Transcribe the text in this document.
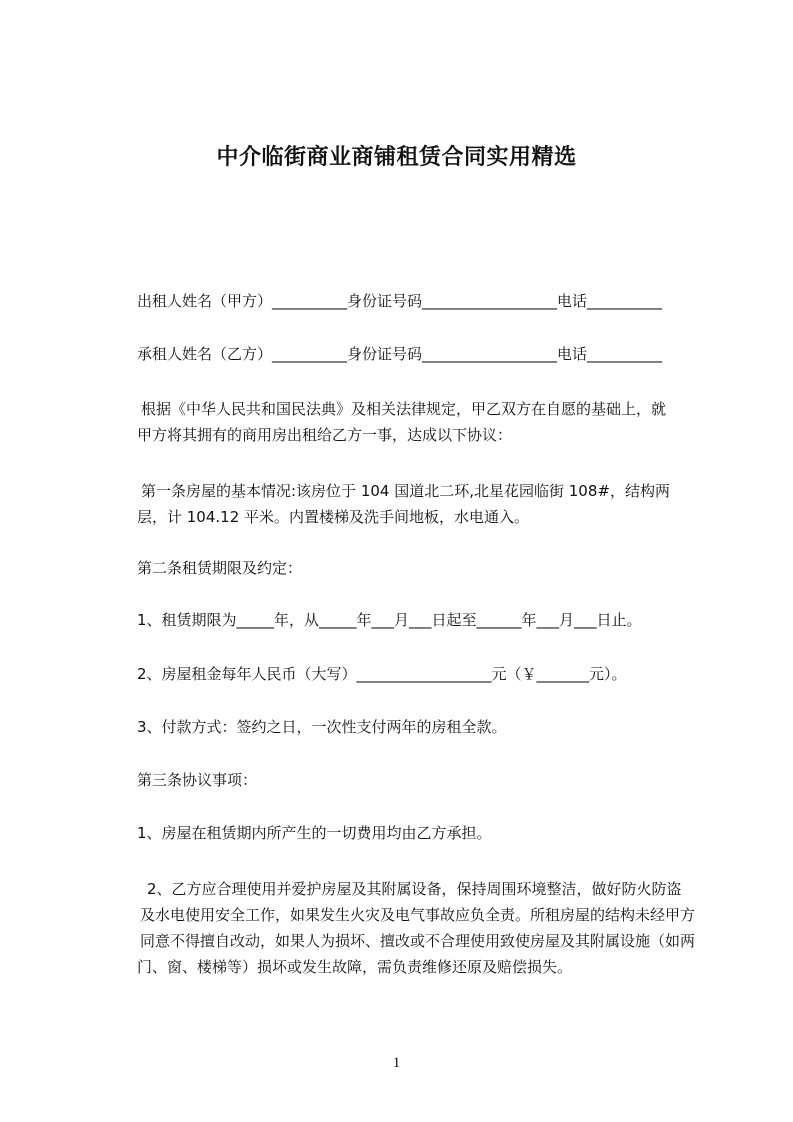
中介临街商业商铺租赁合同实用精选
出租人姓名（甲方）__________身份证号码__________________电话__________
承租人姓名（乙方）__________身份证号码__________________电话__________
根据《中华人民共和国民法典》及相关法律规定，甲乙双方在自愿的基础上，就
甲方将其拥有的商用房出租给乙方一事，达成以下协议：
第一条房屋的基本情况:该房位于 104 国道北二环,北星花园临街 108#，结构两
层，计 104.12 平米。内置楼梯及洗手间地板，水电通入。
第二条租赁期限及约定：
1、租赁期限为_____年，从_____年___月___日起至______年___月___日止。
2、房屋租金每年人民币（大写）__________________元（￥_______元）。
3、付款方式：签约之日，一次性支付两年的房租全款。
第三条协议事项：
1、房屋在租赁期内所产生的一切费用均由乙方承担。
2、乙方应合理使用并爱护房屋及其附属设备，保持周围环境整洁，做好防火防盗
及水电使用安全工作，如果发生火灾及电气事故应负全责。所租房屋的结构未经甲方
同意不得擅自改动，如果人为损坏、擅改或不合理使用致使房屋及其附属设施（如两
门、窗、楼梯等）损坏或发生故障，需负责维修还原及赔偿损失。
1
